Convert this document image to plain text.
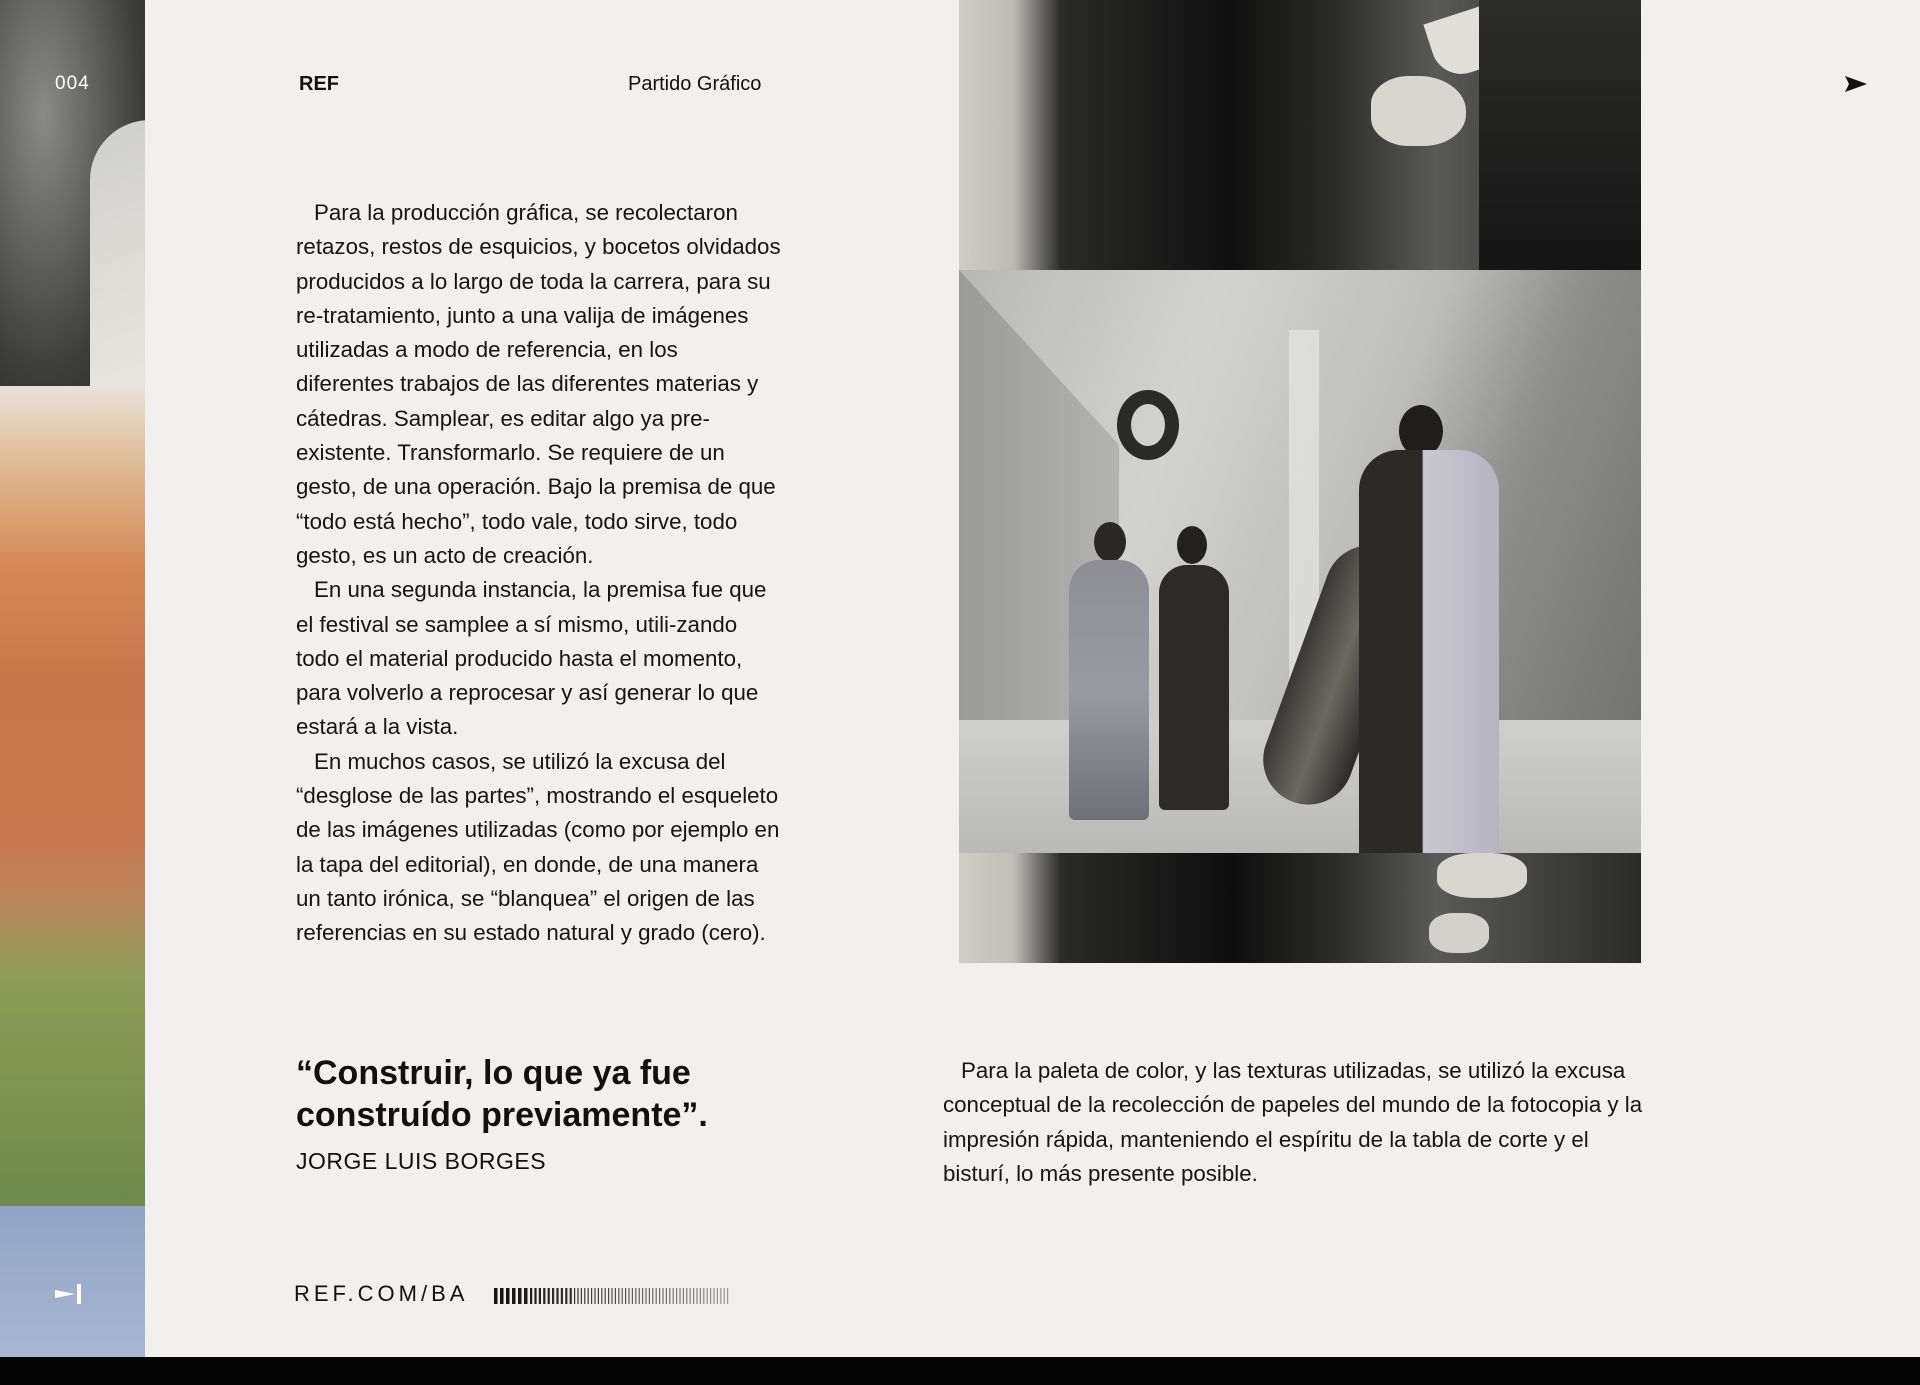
004	REF	Partido Gráfico

Para la producción gráfica, se recolectaron retazos, restos de esquicios, y bocetos olvidados producidos a lo largo de toda la carrera, para su re-tratamiento, junto a una valija de imágenes utilizadas a modo de referencia, en los diferentes trabajos de las diferentes materias y cátedras. Samplear, es editar algo ya pre-existente. Transformarlo. Se requiere de un gesto, de una operación. Bajo la premisa de que “todo está hecho”, todo vale, todo sirve, todo gesto, es un acto de creación.

En una segunda instancia, la premisa fue que el festival se samplee a sí mismo, utili-zando todo el material producido hasta el momento, para volverlo a reprocesar y así generar lo que estará a la vista.

En muchos casos, se utilizó la excusa del “desglose de las partes”, mostrando el esqueleto de las imágenes utilizadas (como por ejemplo en la tapa del editorial), en donde, de una manera un tanto irónica, se “blanquea” el origen de las referencias en su estado natural y grado (cero).

“Construir, lo que ya fue construído previamente”.
JORGE LUIS BORGES
REF.COM/BA

Para la paleta de color, y las texturas utilizadas, se utilizó la excusa conceptual de la recolección de papeles del mundo de la fotocopia y la impresión rápida, manteniendo el espíritu de la tabla de corte y el bisturí, lo más presente posible.
